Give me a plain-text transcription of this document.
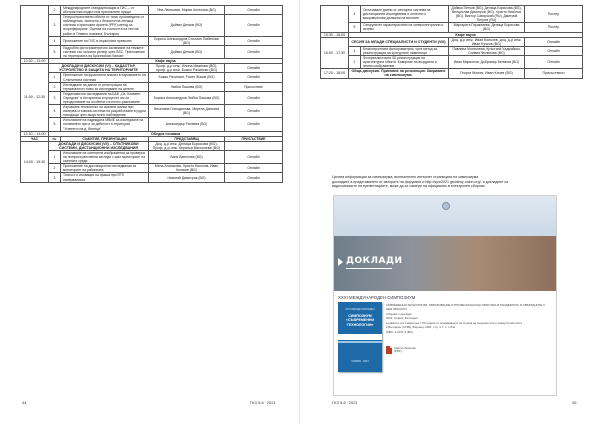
	2	Международните стандартизация в ГИС – от абстрактния модел към приложните нужди	Яна Люльчева, Мария Ангелова (BG)	Онлайн
	3	Геопространствени обекти от типа: произведени от наблюдения, засечени с безпилотна летяща система и приложен dparent (PPK) метод за георефериране. Оценка на точността на тестов район в Плавно планина, България	Дойвко Денков (BG)	Онлайн
	4	Приложение на ГИС в пържолата превозни	Бориса Александров Стилиян Любенова (BG)	Онлайн
	5	Подробно фотограметрично заснемане на тежките системи със склонни релеф чрез BSC. Приложение на теритирията на Брачнийски балкан	Дойвко Денков (BG)	Онлайн
10:30 – 11:00	Кафе пауза			
11:00 - 12:30	ДОКЛАДИ И ДИСКУСИИ (VI) – КАДАСТЪР, УСТРОЙСТВО И ЗАЩИТА НА ТЕРИТОРИИТЕ		Проф. д-р инж. Илина Иванова (BG), проф. д-р инж. Божко Рачински (BG)	Онлайн
	1	Приложение на фрактални анализ в изучаването на Слънчевата система	Божко Рачински, Росен Жаков (BG)	Онлайн
	2	Изследване на данни от регистрация на терминалното ниво за изследване на цените	Любка Пашова (BG)	Присъствие
	3	Геодинамични изследвания на БАБ „Св. Климент Охридски“ в Антарктика и процесът им за преодоляване на особеното източно-разкъсване	Бориса Александров Любка Пашова (BG)	Онлайн
	4	Изучаване техническо на скачени малки при измерва-стъпкова система на разработване в рудни находища чрез акаустично наблюдение	Веселина Господинова, Мирена Данчева (BG)	Онлайн
	5	Използване на надеждата МВИЕ за изследване на ползването при и за дейсност в територия "Успенето на д. Венеци"	Александър Рилиева (BG)	Онлайн
12:30 – 14:00	Обедна почивка			
ЧАС	№	СЪБИТИЕ, ПРЕЗЕНТАЦИИ	ПРЕДСТАВЯЩ	ПРИСЪСТВИЕ
14:00 - 15:30	ДОКЛАДИ И ДИСКУСИИ (VII) – СПЪТНИКОВИ СИСТЕМИ, ДИСТАНЦИОННИ ИЗСЛЕДВАНИЯ		Доц. д-р инж. Деница Борисова (BG), Проф. д-р инж. Керанка Вассилева (BG)	
	1	Използване на сателитни изображения за проверка на геопространствени изгледи с шал мониторинг на скалната среда	Ваня Вапелова (BG)	Онлайн
	2	Приложение на дистанционни изследвания за мониторинг на районната	Мена Атанасова, Христо Николов, Иван Кольчев (BG)	Онлайн
	3	Точност и иновация на праша при RTK измерванията	Николай Димитров (BG)	Онлайн
44	ГКЗ 5-6 ' 2021
	4	Оптичаване данни от сензорни системи за дистанционни изследвания в оптични и микровълнови дължини на вълните	Дойвко Петков (BG), Деница Борисова (BG), Венцислав Димитров (BG), Христо Николов (BG), Виктор Саворский (RU), Дмитрий Петров (RU)	Постер
	5	Сеюрулитет характеристики на хиперспектрални и изтеви	Маргарита Гараклиева, Деница Борисова (BG)	Постер
15:30 - 16:00	Кафе пауза			
16:00 - 17:30	СЕСИЯ ЗА МЛАДИ СПЕЦИАЛИСТИ И СТУДЕНТИ (VIII)		Доц. д-р инж. Иван Кольчев, доц. д-р инж. Иван Кучков (BG)	Онлайн
	1	Безконтролната фотограметрия, чрез метод за реконструкция на културните паметници	Павлина Монгълева, Кръстина Хаджийски, Силвия Филипова (BG)	Онлайн
	2	Фотореалистична 3D реконструкция на архитектурни обекти. Бавирове на въздушни и земни изображения	Иван Мирионов, Добромир Велинов (BG)	Онлайн
17:20 - 18:00	Обща дискусия. Приемане на резолюция. Закриване на симпозиума.		Георги Монов, Иван Кочев (BG)	Присъствено
Цялата информация за симпозиума, включително интернет страницата на симпозиума
докладите в представянето от авторите на форумите и http://sym2021.geodesy-union.org/, и докладите са
видеозаписите на презентациите, може да се намери на официално в електронен сборник.
ГКЗ 5-6 ' 2021	45
ДОКЛАДИ
XXXI МЕЖДУНАРОДЕН СИМПОЗИУМ
XXXI МЕЖДУНАРОДЕН
СИМПОЗИУМ «СЪВРЕМЕННИ ТЕХНОЛОГИИ»
СОФИЯ · 2021
СЪВРЕМЕННИ ТЕХНОЛОГИИ, ОБРАЗОВАНИЕ И ПРОФЕСИОНАЛНА ПРАКТИКА В ГЕОДЕЗИЯТА И СВЪРЗАНИТЕ С НЕЯ ОБЛАСТИ
Сборник с доклади
2021, София, България
в рамките и в съвместно с 60 години от основаването на Съюза на геодезистите и земеустроителите
в България (СГЗБ), Вършец, 2021, стр. 1-7, с. 1 б/м
ISBN: 1-3137-3 (BG)
Свали сборника
(PDF)
